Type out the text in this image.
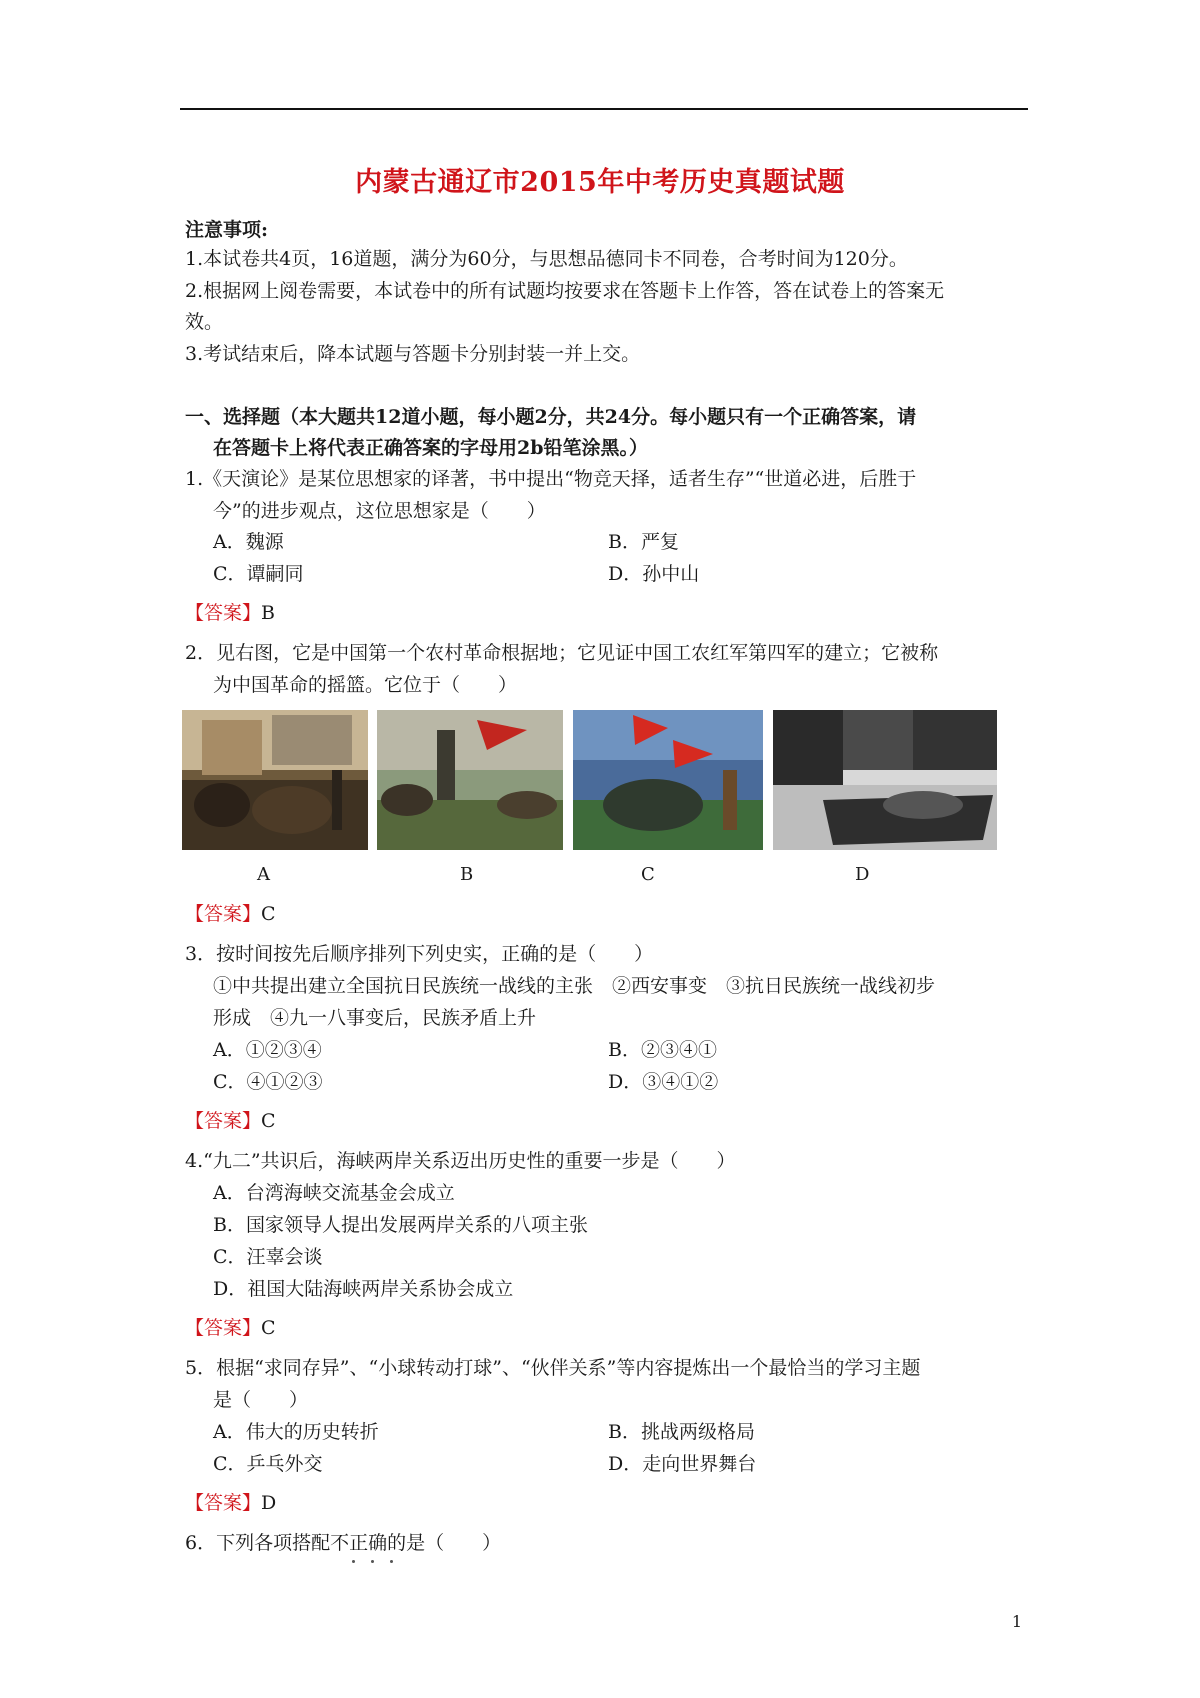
内蒙古通辽市2015年中考历史真题试题
注意事项:
1.本试卷共4页，16道题，满分为60分，与思想品德同卡不同卷，合考时间为120分。
2.根据网上阅卷需要，本试卷中的所有试题均按要求在答题卡上作答，答在试卷上的答案无
效。
3.考试结束后，降本试题与答题卡分别封装一并上交。
一、选择题（本大题共12道小题，每小题2分，共24分。每小题只有一个正确答案，请
在答题卡上将代表正确答案的字母用2b铅笔涂黑。）
1.《天演论》是某位思想家的译著，书中提出“物竞天择，适者生存”“世道必进，后胜于
今”的进步观点，这位思想家是（　　）
A．魏源	B．严复
C．谭嗣同	D．孙中山
【答案】B
2．见右图，它是中国第一个农村革命根据地；它见证中国工农红军第四军的建立；它被称
为中国革命的摇篮。它位于（　　）
A	B	C	D
【答案】C
3．按时间按先后顺序排列下列史实，正确的是（　　）
①中共提出建立全国抗日民族统一战线的主张　②西安事变　③抗日民族统一战线初步
形成　④九一八事变后，民族矛盾上升
A．①②③④	B．②③④①
C．④①②③	D．③④①②
【答案】C
4.“九二”共识后，海峡两岸关系迈出历史性的重要一步是（　　）
A．台湾海峡交流基金会成立
B．国家领导人提出发展两岸关系的八项主张
C．汪辜会谈
D．祖国大陆海峡两岸关系协会成立
【答案】C
5．根据“求同存异”、“小球转动打球”、“伙伴关系”等内容提炼出一个最恰当的学习主题
是（　　）
A．伟大的历史转折	B．挑战两级格局
C．乒乓外交	D．走向世界舞台
【答案】D
6．下列各项搭配不正确的是（　　）
1
